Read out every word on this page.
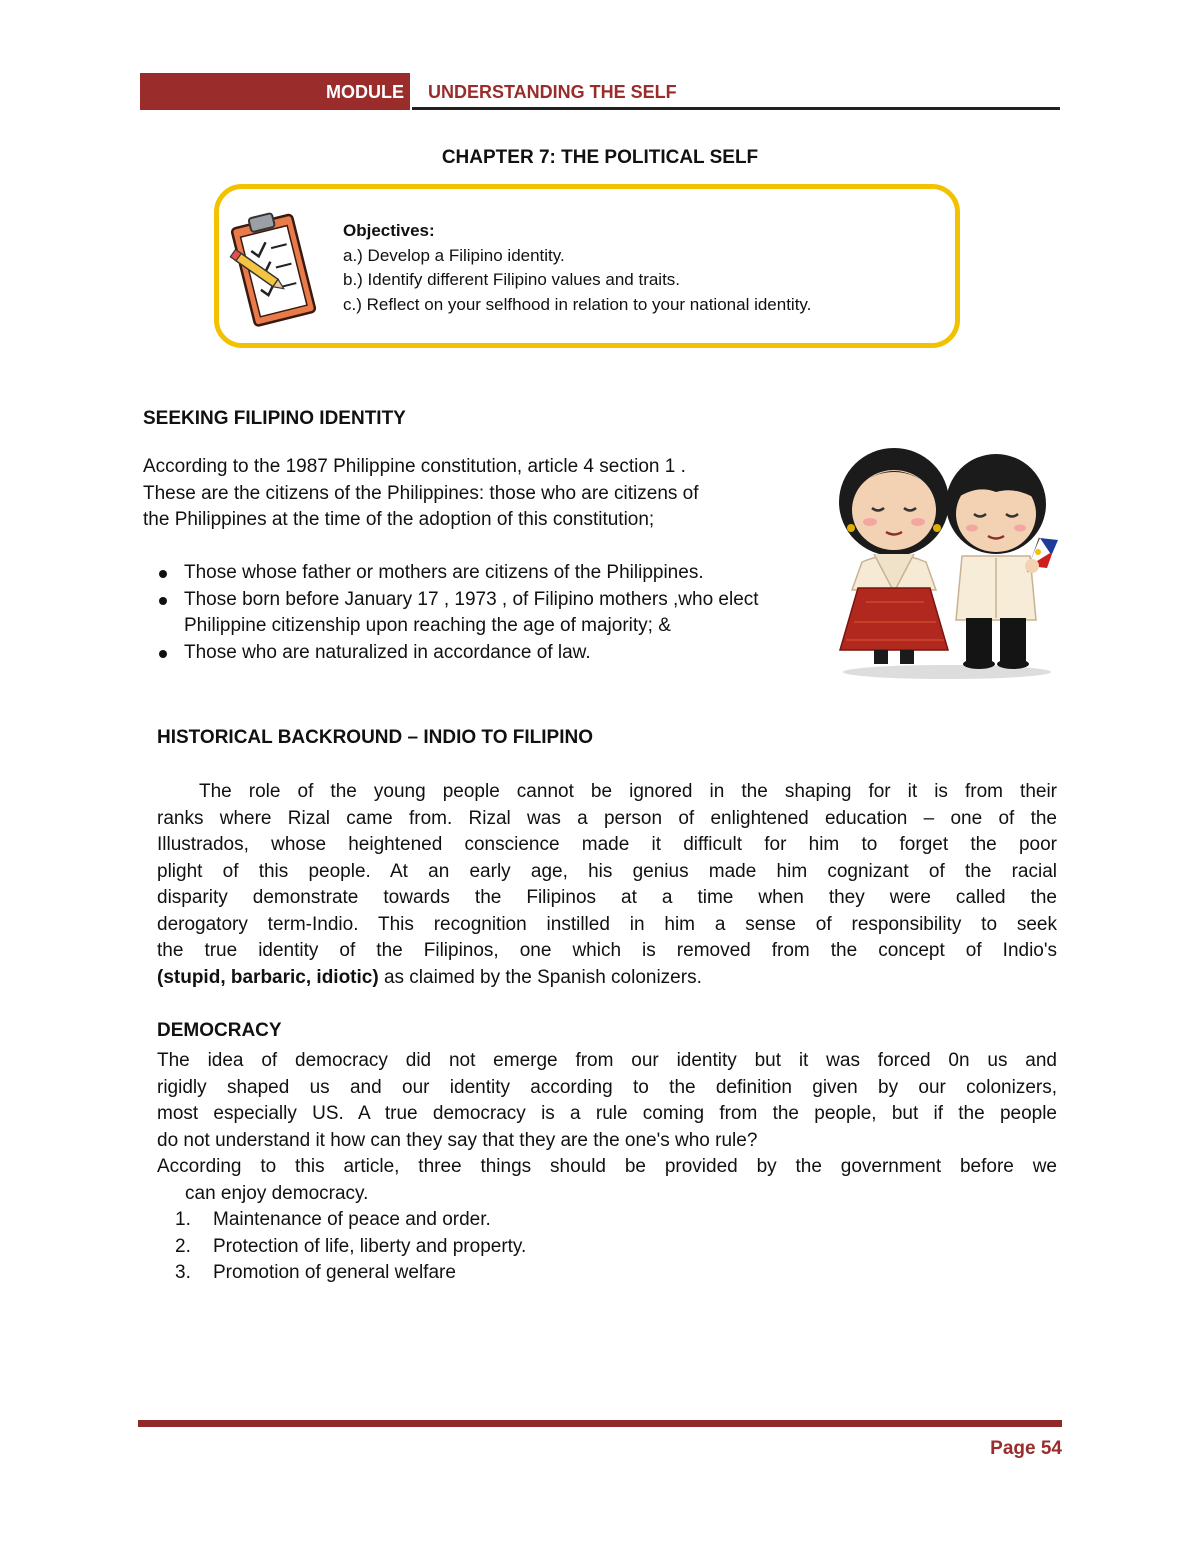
MODULE	UNDERSTANDING THE SELF
CHAPTER 7: THE POLITICAL SELF
Objectives:
a.) Develop a Filipino identity.
b.) Identify different Filipino values and traits.
c.) Reflect on your selfhood in relation to your national identity.
SEEKING FILIPINO IDENTITY
According to the 1987 Philippine constitution, article 4 section 1 .
These are the citizens of the Philippines: those who are citizens of
the Philippines at the time of the adoption of this constitution;
Those whose father or mothers are citizens of the Philippines.
Those born before January 17 , 1973 , of Filipino mothers ,who elect Philippine citizenship upon reaching the age of majority; &
Those who are naturalized in accordance of law.
HISTORICAL BACKROUND – INDIO TO FILIPINO
The role of the young people cannot be ignored in the shaping for it is from their
ranks where Rizal came from. Rizal was a person of enlightened education – one of the
Illustrados, whose heightened conscience made it difficult for him to forget the poor
plight of this people. At an early age, his genius made him cognizant of the racial
disparity demonstrate towards the Filipinos at a time when they were called the
derogatory term-Indio. This recognition instilled in him a sense of responsibility to seek
the true identity of the Filipinos, one which is removed from the concept of Indio's
(stupid, barbaric, idiotic) as claimed by the Spanish colonizers.
DEMOCRACY
The idea of democracy did not emerge from our identity but it was forced 0n us and
rigidly shaped us and our identity according to the definition given by our colonizers,
most especially US. A true democracy is a rule coming from the people, but if the people
do not understand it how can they say that they are the one's who rule?
According to this article, three things should be provided by the government before we
can enjoy democracy.
1. Maintenance of peace and order.
2. Protection of life, liberty and property.
3. Promotion of general welfare
Page 54
